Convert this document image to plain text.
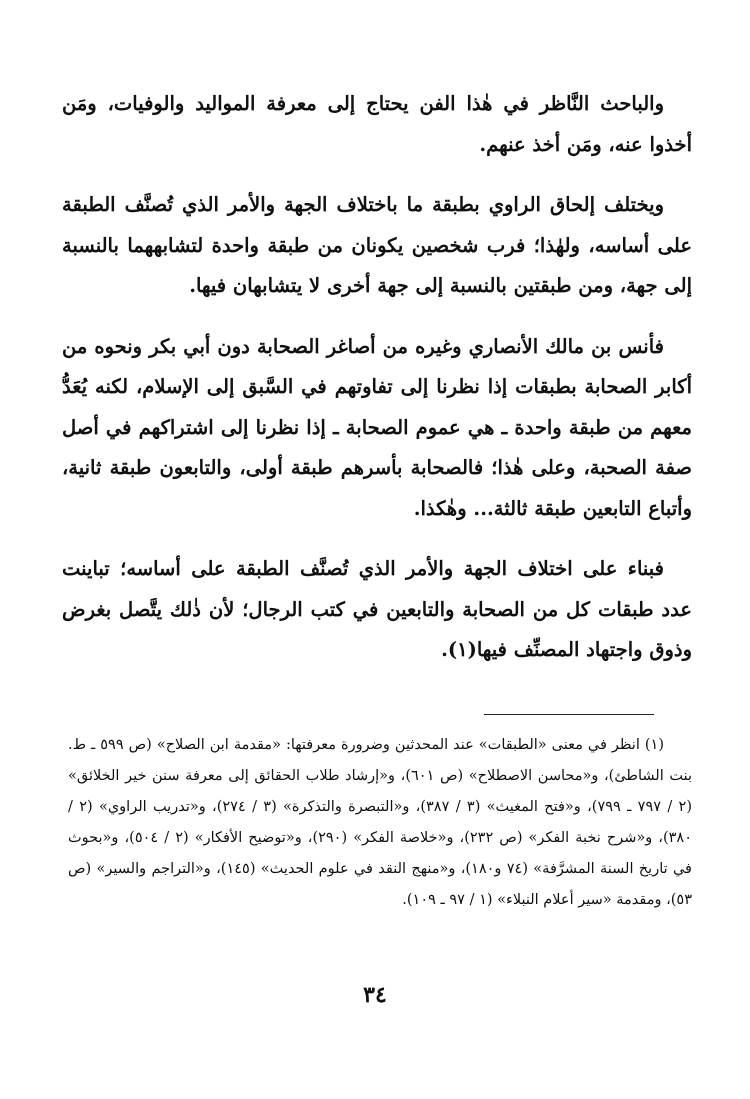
والباحث النَّاظر في هٰذا الفن يحتاج إلى معرفة المواليد والوفيات، ومَن أخذوا عنه، ومَن أخذ عنهم.

ويختلف إلحاق الراوي بطبقة ما باختلاف الجهة والأمر الذي تُصنَّف الطبقة على أساسه، ولهٰذا؛ فرب شخصين يكونان من طبقة واحدة لتشابههما بالنسبة إلى جهة، ومن طبقتين بالنسبة إلى جهة أخرى لا يتشابهان فيها.

فأنس بن مالك الأنصاري وغيره من أصاغر الصحابة دون أبي بكر ونحوه من أكابر الصحابة بطبقات إذا نظرنا إلى تفاوتهم في السَّبق إلى الإسلام، لكنه يُعَدُّ معهم من طبقة واحدة ـ هي عموم الصحابة ـ إذا نظرنا إلى اشتراكهم في أصل صفة الصحبة، وعلى هٰذا؛ فالصحابة بأسرهم طبقة أولى، والتابعون طبقة ثانية، وأتباع التابعين طبقة ثالثة... وهٰكذا.

فبناء على اختلاف الجهة والأمر الذي تُصنَّف الطبقة على أساسه؛ تباينت عدد طبقات كل من الصحابة والتابعين في كتب الرجال؛ لأن ذٰلك يتَّصل بغرض وذوق واجتهاد المصنِّف فيها(١).

(١) انظر في معنى «الطبقات» عند المحدثين وضرورة معرفتها: «مقدمة ابن الصلاح» (ص ٥٩٩ ـ ط. بنت الشاطئ)، و«محاسن الاصطلاح» (ص ٦٠١)، و«إرشاد طلاب الحقائق إلى معرفة سنن خير الخلائق» (٢ / ٧٩٧ ـ ٧٩٩)، و«فتح المغيث» (٣ / ٣٨٧)، و«التبصرة والتذكرة» (٣ / ٢٧٤)، و«تدريب الراوي» (٢ / ٣٨٠)، و«شرح نخبة الفكر» (ص ٢٣٢)، و«خلاصة الفكر» (٢٩٠)، و«توضيح الأفكار» (٢ / ٥٠٤)، و«بحوث في تاريخ السنة المشرَّفة» (٧٤ و١٨٠)، و«منهج النقد في علوم الحديث» (١٤٥)، و«التراجم والسير» (ص ٥٣)، ومقدمة «سير أعلام النبلاء» (١ / ٩٧ ـ ١٠٩).

٣٤
